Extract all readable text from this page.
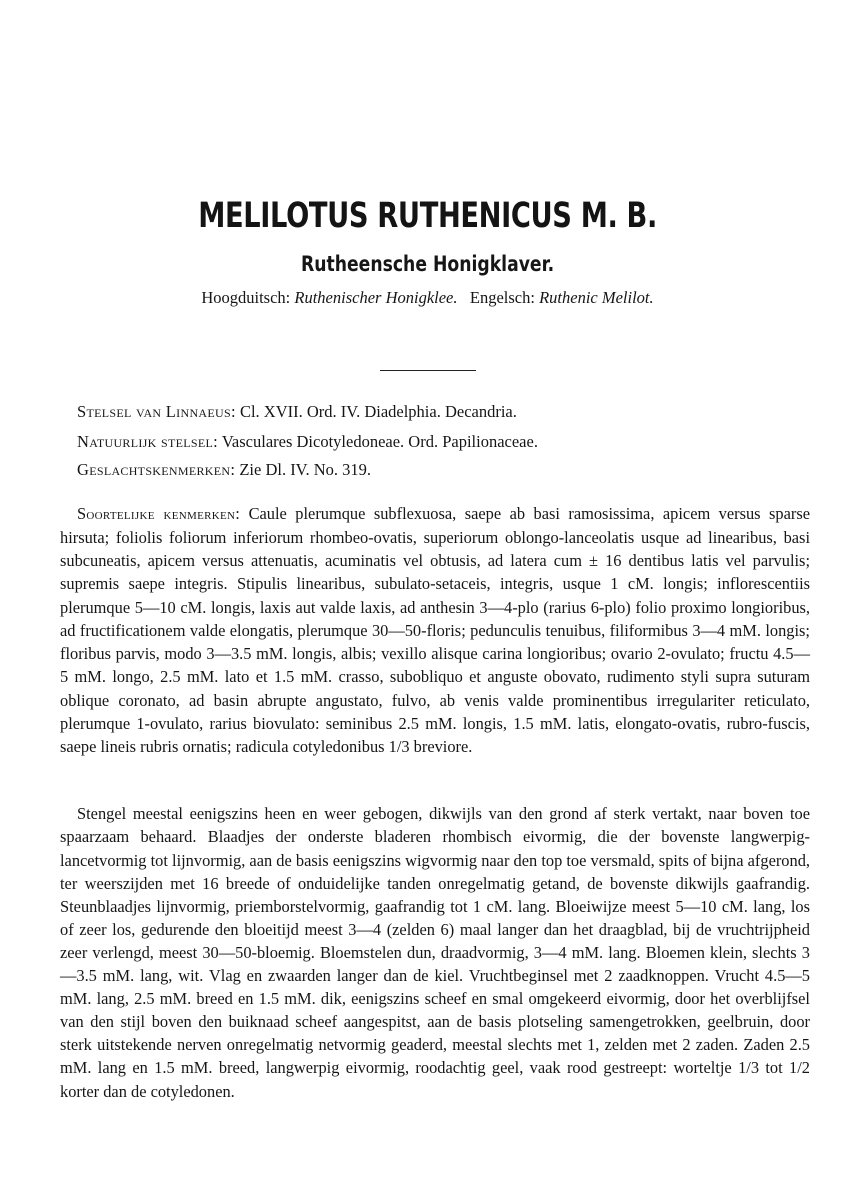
MELILOTUS RUTHENICUS M. B.
Rutheensche Honigklaver.
Hoogduitsch: Ruthenischer Honigklee. Engelsch: Ruthenic Melilot.
Stelsel van Linnaeus: Cl. XVII. Ord. IV. Diadelphia. Decandria.
Natuurlijk stelsel: Vasculares Dicotyledoneae. Ord. Papilionaceae.
Geslachtskenmerken: Zie Dl. IV. No. 319.

Soortelijke kenmerken: Caule plerumque subflexuosa, saepe ab basi ramosissima, apicem versus sparse hirsuta; foliolis foliorum inferiorum rhombeo-ovatis, superiorum oblongo-lanceolatis usque ad linearibus, basi subcuneatis, apicem versus attenuatis, acuminatis vel obtusis, ad latera cum ± 16 dentibus latis vel parvulis; supremis saepe integris. Stipulis linearibus, subulato-setaceis, integris, usque 1 cM. longis; inflorescentiis plerumque 5—10 cM. longis, laxis aut valde laxis, ad anthesin 3—4-plo (rarius 6-plo) folio proximo longioribus, ad fructificationem valde elongatis, plerumque 30—50-floris; pedunculis tenuibus, filiformibus 3—4 mM. longis; floribus parvis, modo 3—3.5 mM. longis, albis; vexillo alisque carina longioribus; ovario 2-ovulato; fructu 4.5—5 mM. longo, 2.5 mM. lato et 1.5 mM. crasso, subobliquo et anguste obovato, rudimento styli supra suturam oblique coronato, ad basin abrupte angustato, fulvo, ab venis valde prominentibus irregulariter reticulato, plerumque 1-ovulato, rarius biovulato: seminibus 2.5 mM. longis, 1.5 mM. latis, elongato-ovatis, rubro-fuscis, saepe lineis rubris ornatis; radicula cotyledonibus 1/3 breviore.

Stengel meestal eenigszins heen en weer gebogen, dikwijls van den grond af sterk vertakt, naar boven toe spaarzaam behaard. Blaadjes der onderste bladeren rhombisch eivormig, die der bovenste langwerpig-lancetvormig tot lijnvormig, aan de basis eenigszins wigvormig naar den top toe versmald, spits of bijna afgerond, ter weerszijden met 16 breede of onduidelijke tanden onregelmatig getand, de bovenste dikwijls gaafrandig. Steunblaadjes lijnvormig, priemborstelvormig, gaafrandig tot 1 cM. lang. Bloeiwijze meest 5—10 cM. lang, los of zeer los, gedurende den bloeitijd meest 3—4 (zelden 6) maal langer dan het draagblad, bij de vruchtrijpheid zeer verlengd, meest 30—50-bloemig. Bloemstelen dun, draadvormig, 3—4 mM. lang. Bloemen klein, slechts 3—3.5 mM. lang, wit. Vlag en zwaarden langer dan de kiel. Vruchtbeginsel met 2 zaadknoppen. Vrucht 4.5—5 mM. lang, 2.5 mM. breed en 1.5 mM. dik, eenigszins scheef en smal omgekeerd eivormig, door het overblijfsel van den stijl boven den buiknaad scheef aangespitst, aan de basis plotseling samengetrokken, geelbruin, door sterk uitstekende nerven onregelmatig netvormig geaderd, meestal slechts met 1, zelden met 2 zaden. Zaden 2.5 mM. lang en 1.5 mM. breed, langwerpig eivormig, roodachtig geel, vaak rood gestreept: worteltje 1/3 tot 1/2 korter dan de cotyledonen.
